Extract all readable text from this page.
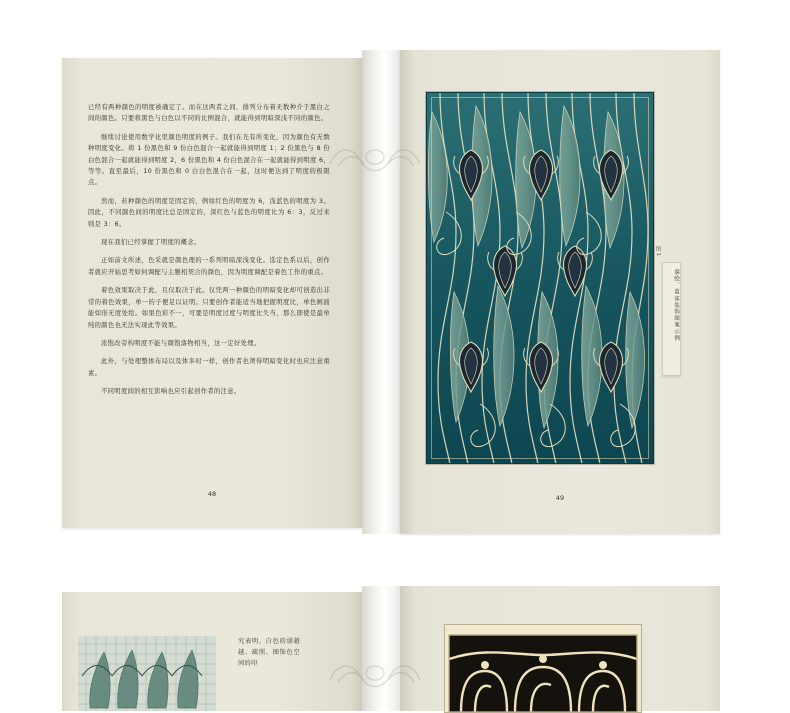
已经有两种颜色的明度被确定了。而在这两者之间，排列分布着无数种介于黑白之间的颜色。只要将黑色与白色以不同的比例混合，就能得到明暗深浅不同的颜色。

继续讨论使用数学化里颜色明度的例子。我们在光有所变化，因为颜色有无数种明度变化。将 1 份黑色和 9 份白色混合一起就能得到明度 1；2 份黑色与 8 份白色混合一起就能得到明度 2，6 份黑色和 4 份白色混合在一起就能得到明度 6，等等。直至最后，10 份黑色和 0 白白色混合在一起，这时便达到了明度的极限点。

然而，若种颜色的明度是固定的，例如红色的明度为 6，浅蓝色的明度为 3。因此，不同颜色间的明度比总是固定的，深红色与蓝色的明度比为 6：3，反过来则是 3：6。

现在我们已经掌握了明度的概念。

正如前文所述，色采就是颜色理的一系列明暗深浅变化。选定色系以后，创作者就应开始思考如何调配与主题相契合的颜色，因为明度调配是着色工作的重点。

着色效果取决于此，且仅取决于此。仅凭两一种颜色的明暗变化却可创造出非常的着色效果，单一的子便足以证明。只要创作者能适当地把握明度比，单色画面能如形无度处绘。如果色彩不一，可要是明度过度与明度比失当，那么即使是最单纯的颜色也无法实现此等效果。

浓饱改旁构明度不能与颜饱落物相当，这一定好处理。

此外，与处理整体布局以及体多时一样，创作者也须得明暗变化时也应注意重素。

不同明度间的相互影响也应引起创作者的注意。

48
图 1
摹绘、蓝雀装饰图案示例
49
究表明，白色的弱越越、疏照、图饰色空间的印
